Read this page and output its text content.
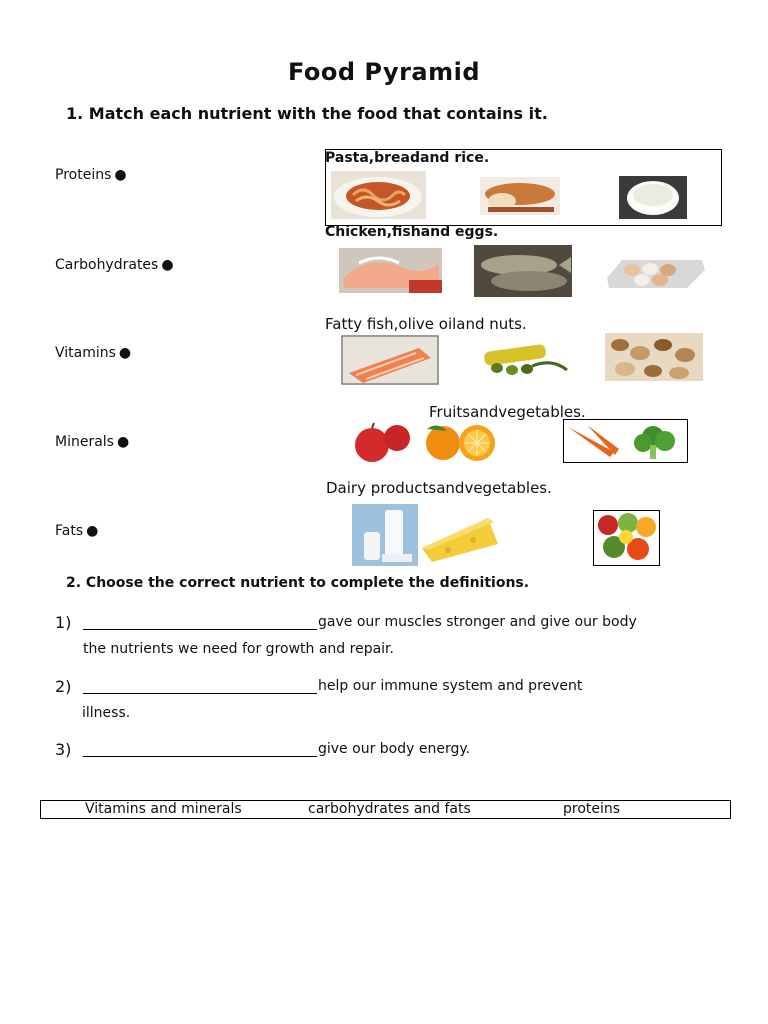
Food Pyramid
1. Match each nutrient with the food that contains it.
Proteins ●
Carbohydrates ●
Vitamins ●
Minerals ●
Fats ●
Pasta,breadand rice.
Chicken,fishand eggs.
Fatty fish,olive oiland nuts.
Fruitsandvegetables.
Dairy productsandvegetables.
2. Choose the correct nutrient to complete the definitions.
1)	gave our muscles stronger and give our body
the nutrients we need for growth and repair.
2)	help our immune system and prevent
illness.
3)	give our body energy.
Vitamins and minerals	carbohydrates and fats	proteins
